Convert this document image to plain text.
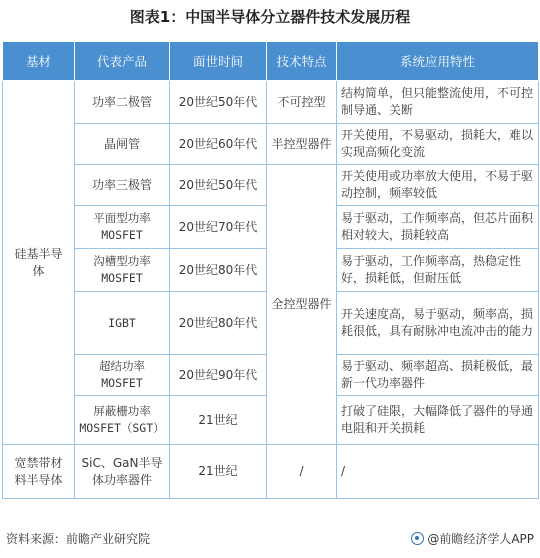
图表1：中国半导体分立器件技术发展历程
基材	代表产品	面世时间	技术特点	系统应用特性
硅基半导体	功率二极管	20世纪50年代	不可控型	结构简单，但只能整流使用，不可控制导通、关断
	晶闸管	20世纪60年代	半控型器件	开关使用，不易驱动，损耗大，难以实现高频化变流
	功率三极管	20世纪50年代	全控型器件	开关使用或功率放大使用，不易于驱动控制，频率较低
	平面型功率MOSFET	20世纪70年代		易于驱动，工作频率高，但芯片面积相对较大，损耗较高
	沟槽型功率MOSFET	20世纪80年代		易于驱动，工作频率高，热稳定性好，损耗低，但耐压低
	IGBT	20世纪80年代		开关速度高，易于驱动，频率高，损耗很低，具有耐脉冲电流冲击的能力
	超结功率MOSFET	20世纪90年代		易于驱动、频率超高、损耗极低，最新一代功率器件
	屏蔽栅功率MOSFET（SGT）	21世纪		打破了硅限，大幅降低了器件的导通电阻和开关损耗
宽禁带材料半导体	SiC、GaN半导体功率器件	21世纪	/	/
资料来源：前瞻产业研究院	@前瞻经济学人APP
